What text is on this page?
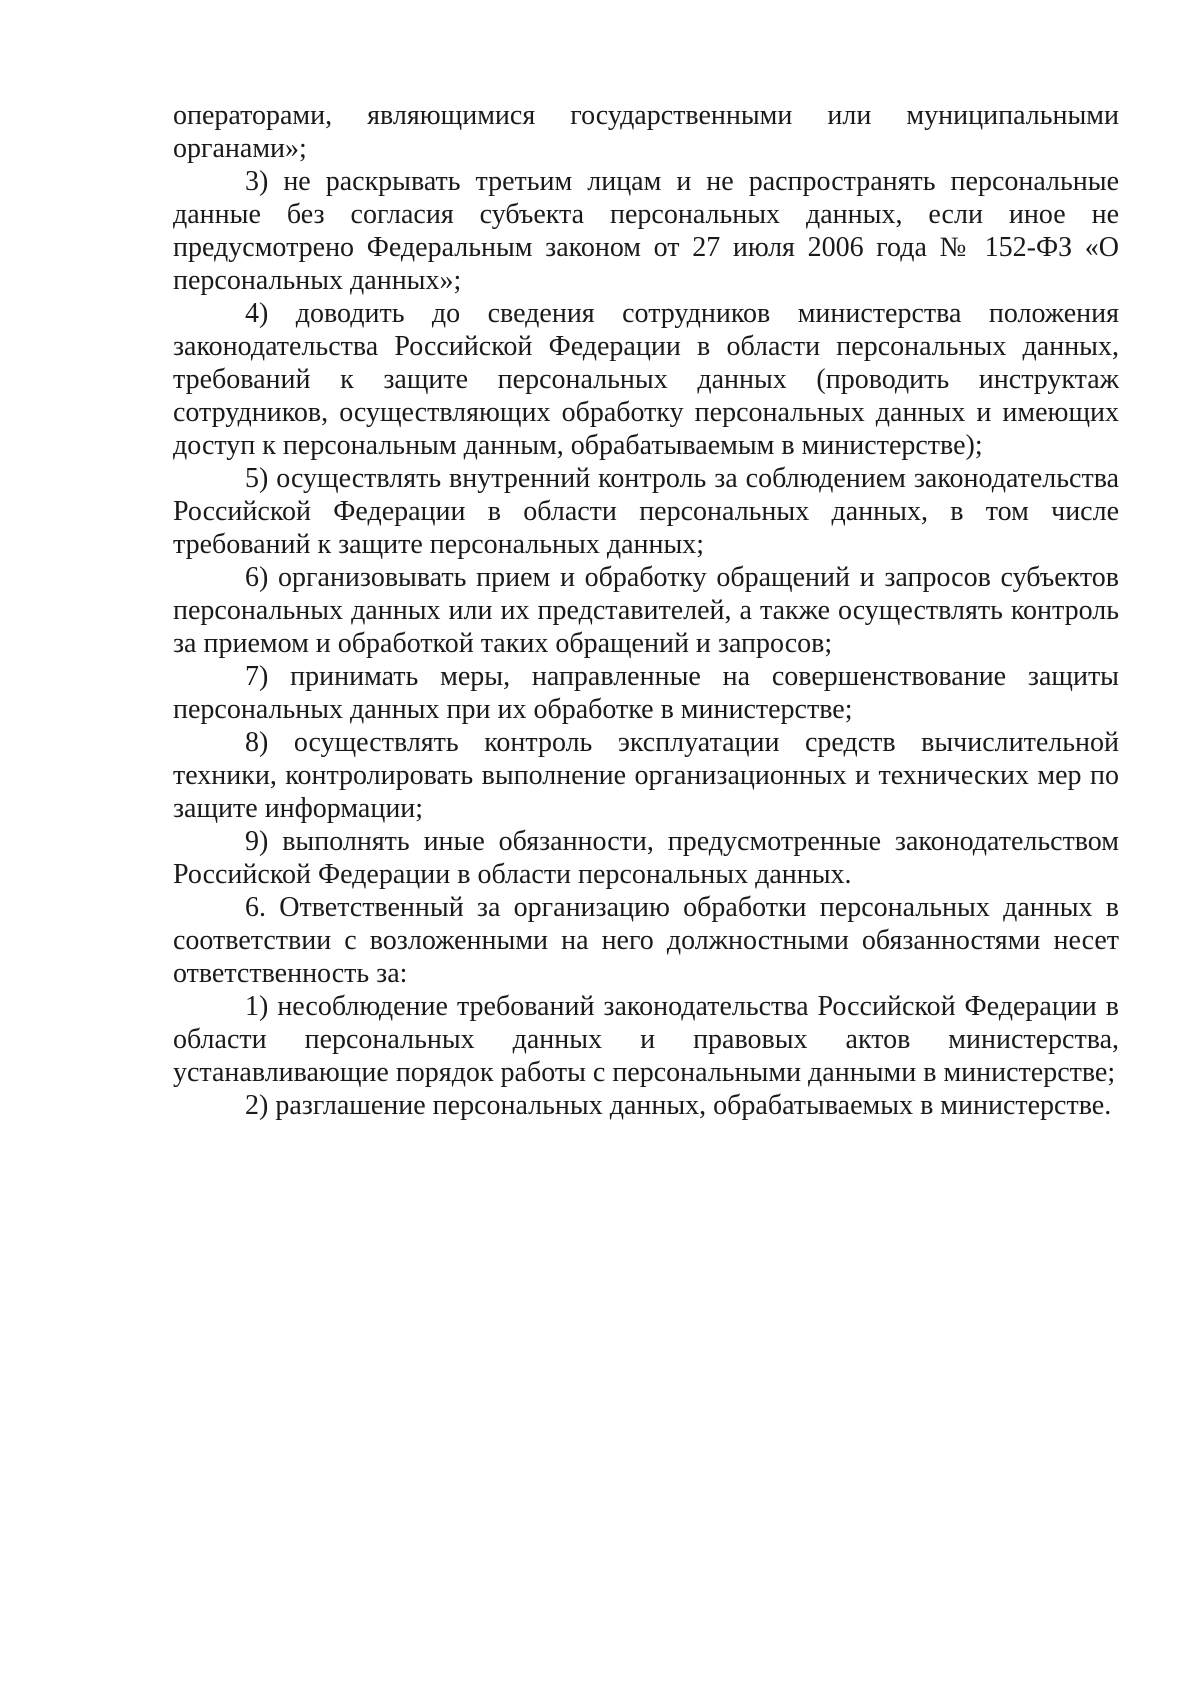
операторами, являющимися государственными или муниципальными органами»;

3) не раскрывать третьим лицам и не распространять персональные данные без согласия субъекта персональных данных, если иное не предусмотрено Федеральным законом от 27 июля 2006 года № 152-ФЗ «О персональных данных»;

4) доводить до сведения сотрудников министерства положения законодательства Российской Федерации в области персональных данных, требований к защите персональных данных (проводить инструктаж сотрудников, осуществляющих обработку персональных данных и имеющих доступ к персональным данным, обрабатываемым в министерстве);

5) осуществлять внутренний контроль за соблюдением законодательства Российской Федерации в области персональных данных, в том числе требований к защите персональных данных;

6) организовывать прием и обработку обращений и запросов субъектов персональных данных или их представителей, а также осуществлять контроль за приемом и обработкой таких обращений и запросов;

7) принимать меры, направленные на совершенствование защиты персональных данных при их обработке в министерстве;

8) осуществлять контроль эксплуатации средств вычислительной техники, контролировать выполнение организационных и технических мер по защите информации;

9) выполнять иные обязанности, предусмотренные законодательством Российской Федерации в области персональных данных.

6. Ответственный за организацию обработки персональных данных в соответствии с возложенными на него должностными обязанностями несет ответственность за:

1) несоблюдение требований законодательства Российской Федерации в области персональных данных и правовых актов министерства, устанавливающие порядок работы с персональными данными в министерстве;

2) разглашение персональных данных, обрабатываемых в министерстве.
